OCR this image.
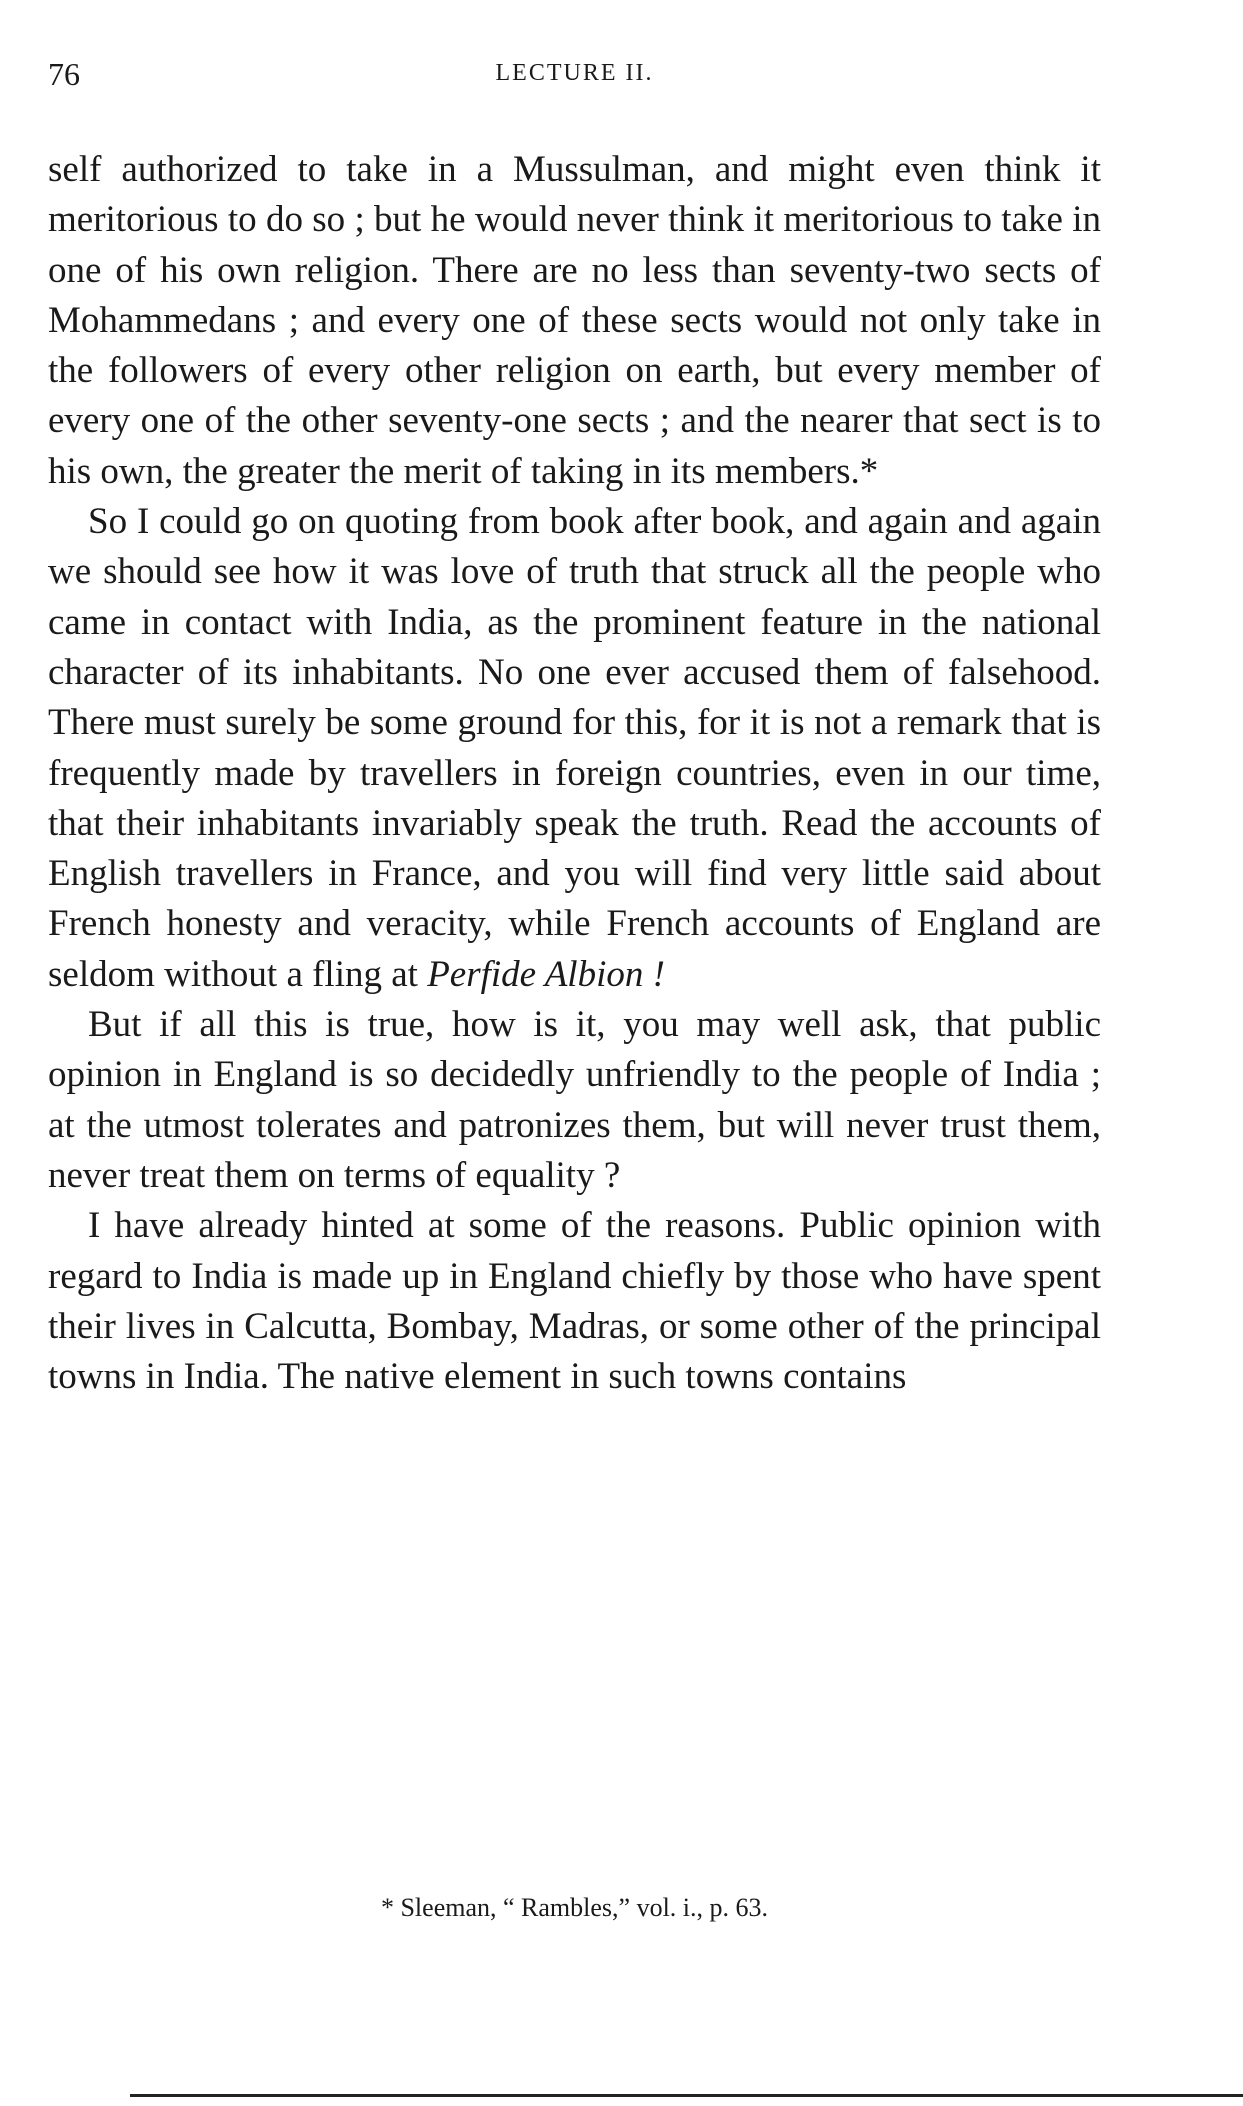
76	LECTURE II.

self authorized to take in a Mussulman, and might even think it meritorious to do so ; but he would never think it meritorious to take in one of his own religion. There are no less than seventy-two sects of Mohammedans ; and every one of these sects would not only take in the followers of every other religion on earth, but every member of every one of the other seventy-one sects ; and the nearer that sect is to his own, the greater the merit of taking in its members.*

So I could go on quoting from book after book, and again and again we should see how it was love of truth that struck all the people who came in contact with India, as the prominent feature in the national character of its inhabitants. No one ever accused them of falsehood. There must surely be some ground for this, for it is not a remark that is frequently made by travellers in foreign countries, even in our time, that their inhabitants invariably speak the truth. Read the accounts of English travellers in France, and you will find very little said about French honesty and veracity, while French accounts of England are seldom without a fling at Perfide Albion !

But if all this is true, how is it, you may well ask, that public opinion in England is so decidedly unfriendly to the people of India ; at the utmost tolerates and patronizes them, but will never trust them, never treat them on terms of equality ?

I have already hinted at some of the reasons. Public opinion with regard to India is made up in England chiefly by those who have spent their lives in Calcutta, Bombay, Madras, or some other of the principal towns in India. The native element in such towns contains

* Sleeman, “ Rambles,” vol. i., p. 63.
